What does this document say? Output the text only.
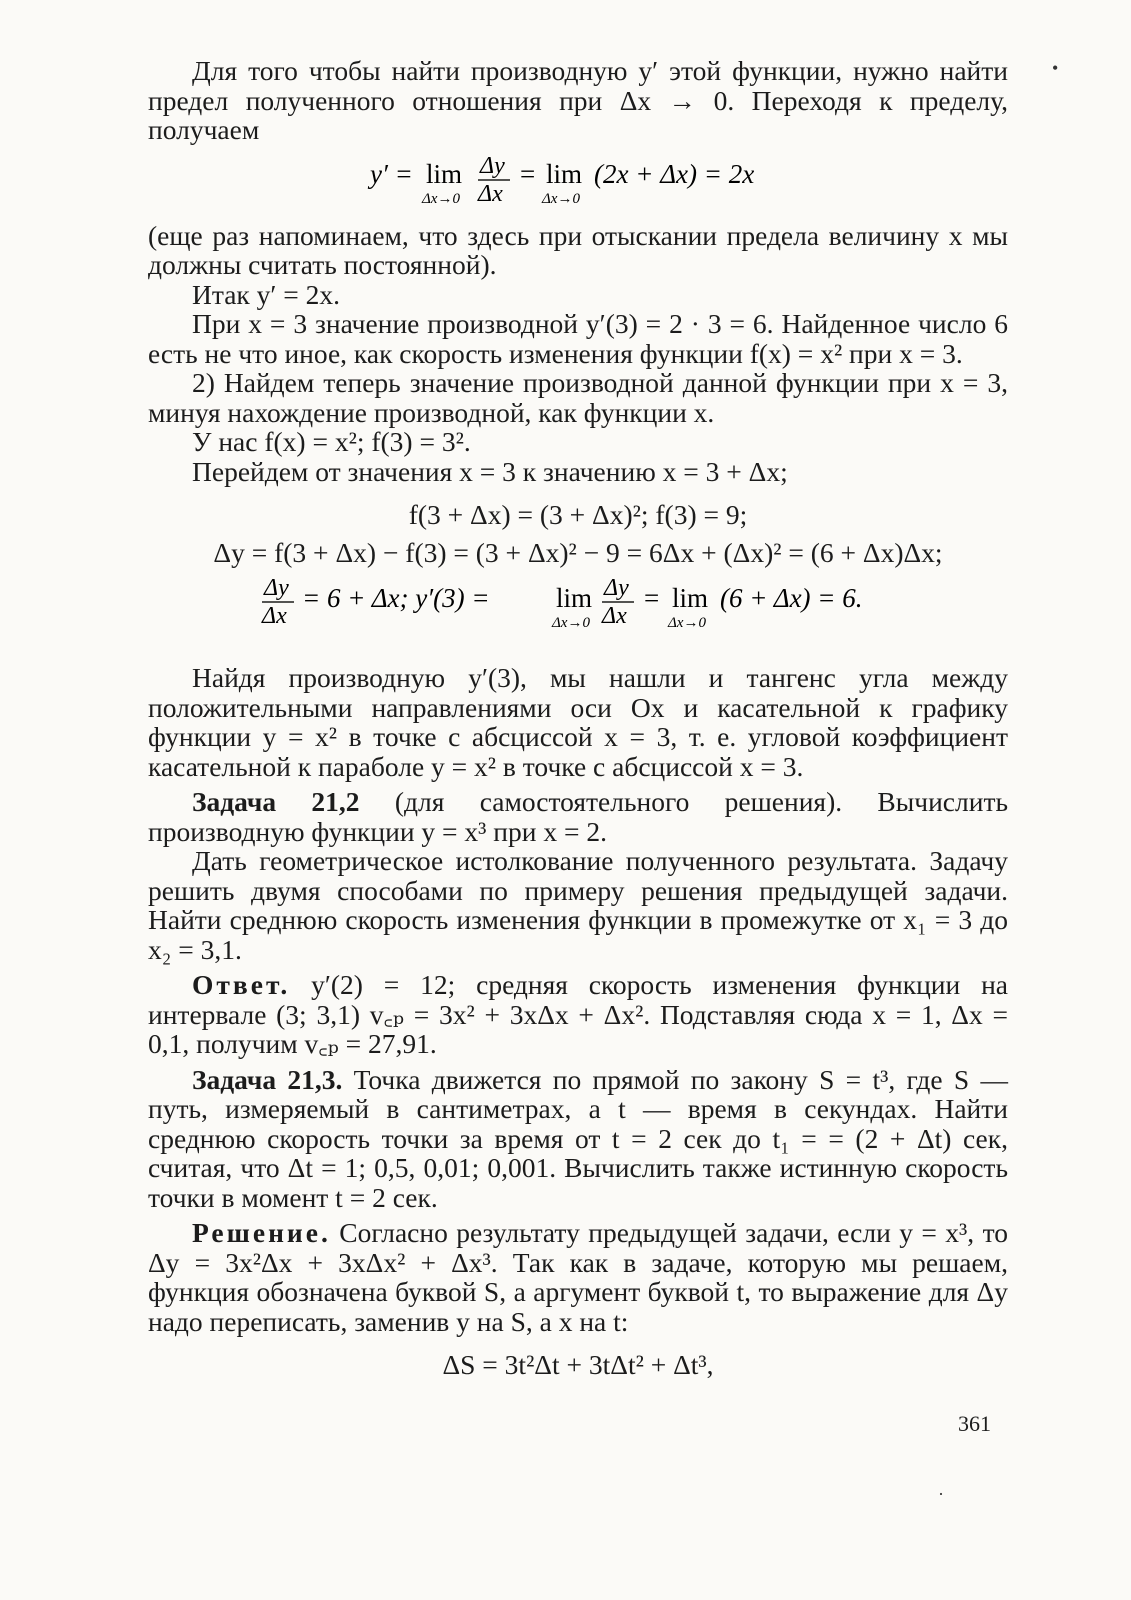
Для того чтобы найти производную y′ этой функции, нужно найти предел полученного отношения при Δx → 0. Переходя к пределу, получаем

y′ = lim
Δx→0
Δy
Δx
= lim
Δx→0
(2x + Δx) = 2x

(еще раз напоминаем, что здесь при отыскании предела величину x мы должны считать постоянной).

Итак y′ = 2x.

При x = 3 значение производной y′(3) = 2 · 3 = 6. Найденное число 6 есть не что иное, как скорость изменения функции f(x) = x² при x = 3.

2) Найдем теперь значение производной данной функции при x = 3, минуя нахождение производной, как функции x.

У нас f(x) = x²; f(3) = 3².

Перейдем от значения x = 3 к значению x = 3 + Δx;

f(3 + Δx) = (3 + Δx)²; f(3) = 9;

Δy = f(3 + Δx) − f(3) = (3 + Δx)² − 9 = 6Δx + (Δx)² = (6 + Δx)Δx;

Δy
Δx
= 6 + Δx; y′(3) = lim
Δx→0
Δy
Δx
= lim
Δx→0
(6 + Δx) = 6.

Найдя производную y′(3), мы нашли и тангенс угла между положительными направлениями оси Ox и касательной к графику функции y = x² в точке с абсциссой x = 3, т. е. угловой коэффициент касательной к параболе y = x² в точке с абсциссой x = 3.

Задача 21,2 (для самостоятельного решения). Вычислить производную функции y = x³ при x = 2.

Дать геометрическое истолкование полученного результата. Задачу решить двумя способами по примеру решения предыдущей задачи. Найти среднюю скорость изменения функции в промежутке от x₁ = 3 до x₂ = 3,1.

Ответ. y′(2) = 12; средняя скорость изменения функции на интервале (3; 3,1) v꜀ₚ = 3x² + 3xΔx + Δx². Подставляя сюда x = 1, Δx = 0,1, получим v꜀ₚ = 27,91.

Задача 21,3. Точка движется по прямой по закону S = t³, где S — путь, измеряемый в сантиметрах, а t — время в секундах. Найти среднюю скорость точки за время от t = 2 сек до t₁ = = (2 + Δt) сек, считая, что Δt = 1; 0,5, 0,01; 0,001. Вычислить также истинную скорость точки в момент t = 2 сек.

Решение. Согласно результату предыдущей задачи, если y = x³, то Δy = 3x²Δx + 3xΔx² + Δx³. Так как в задаче, которую мы решаем, функция обозначена буквой S, а аргумент буквой t, то выражение для Δy надо переписать, заменив y на S, а x на t:

ΔS = 3t²Δt + 3tΔt² + Δt³,

361
•
·
